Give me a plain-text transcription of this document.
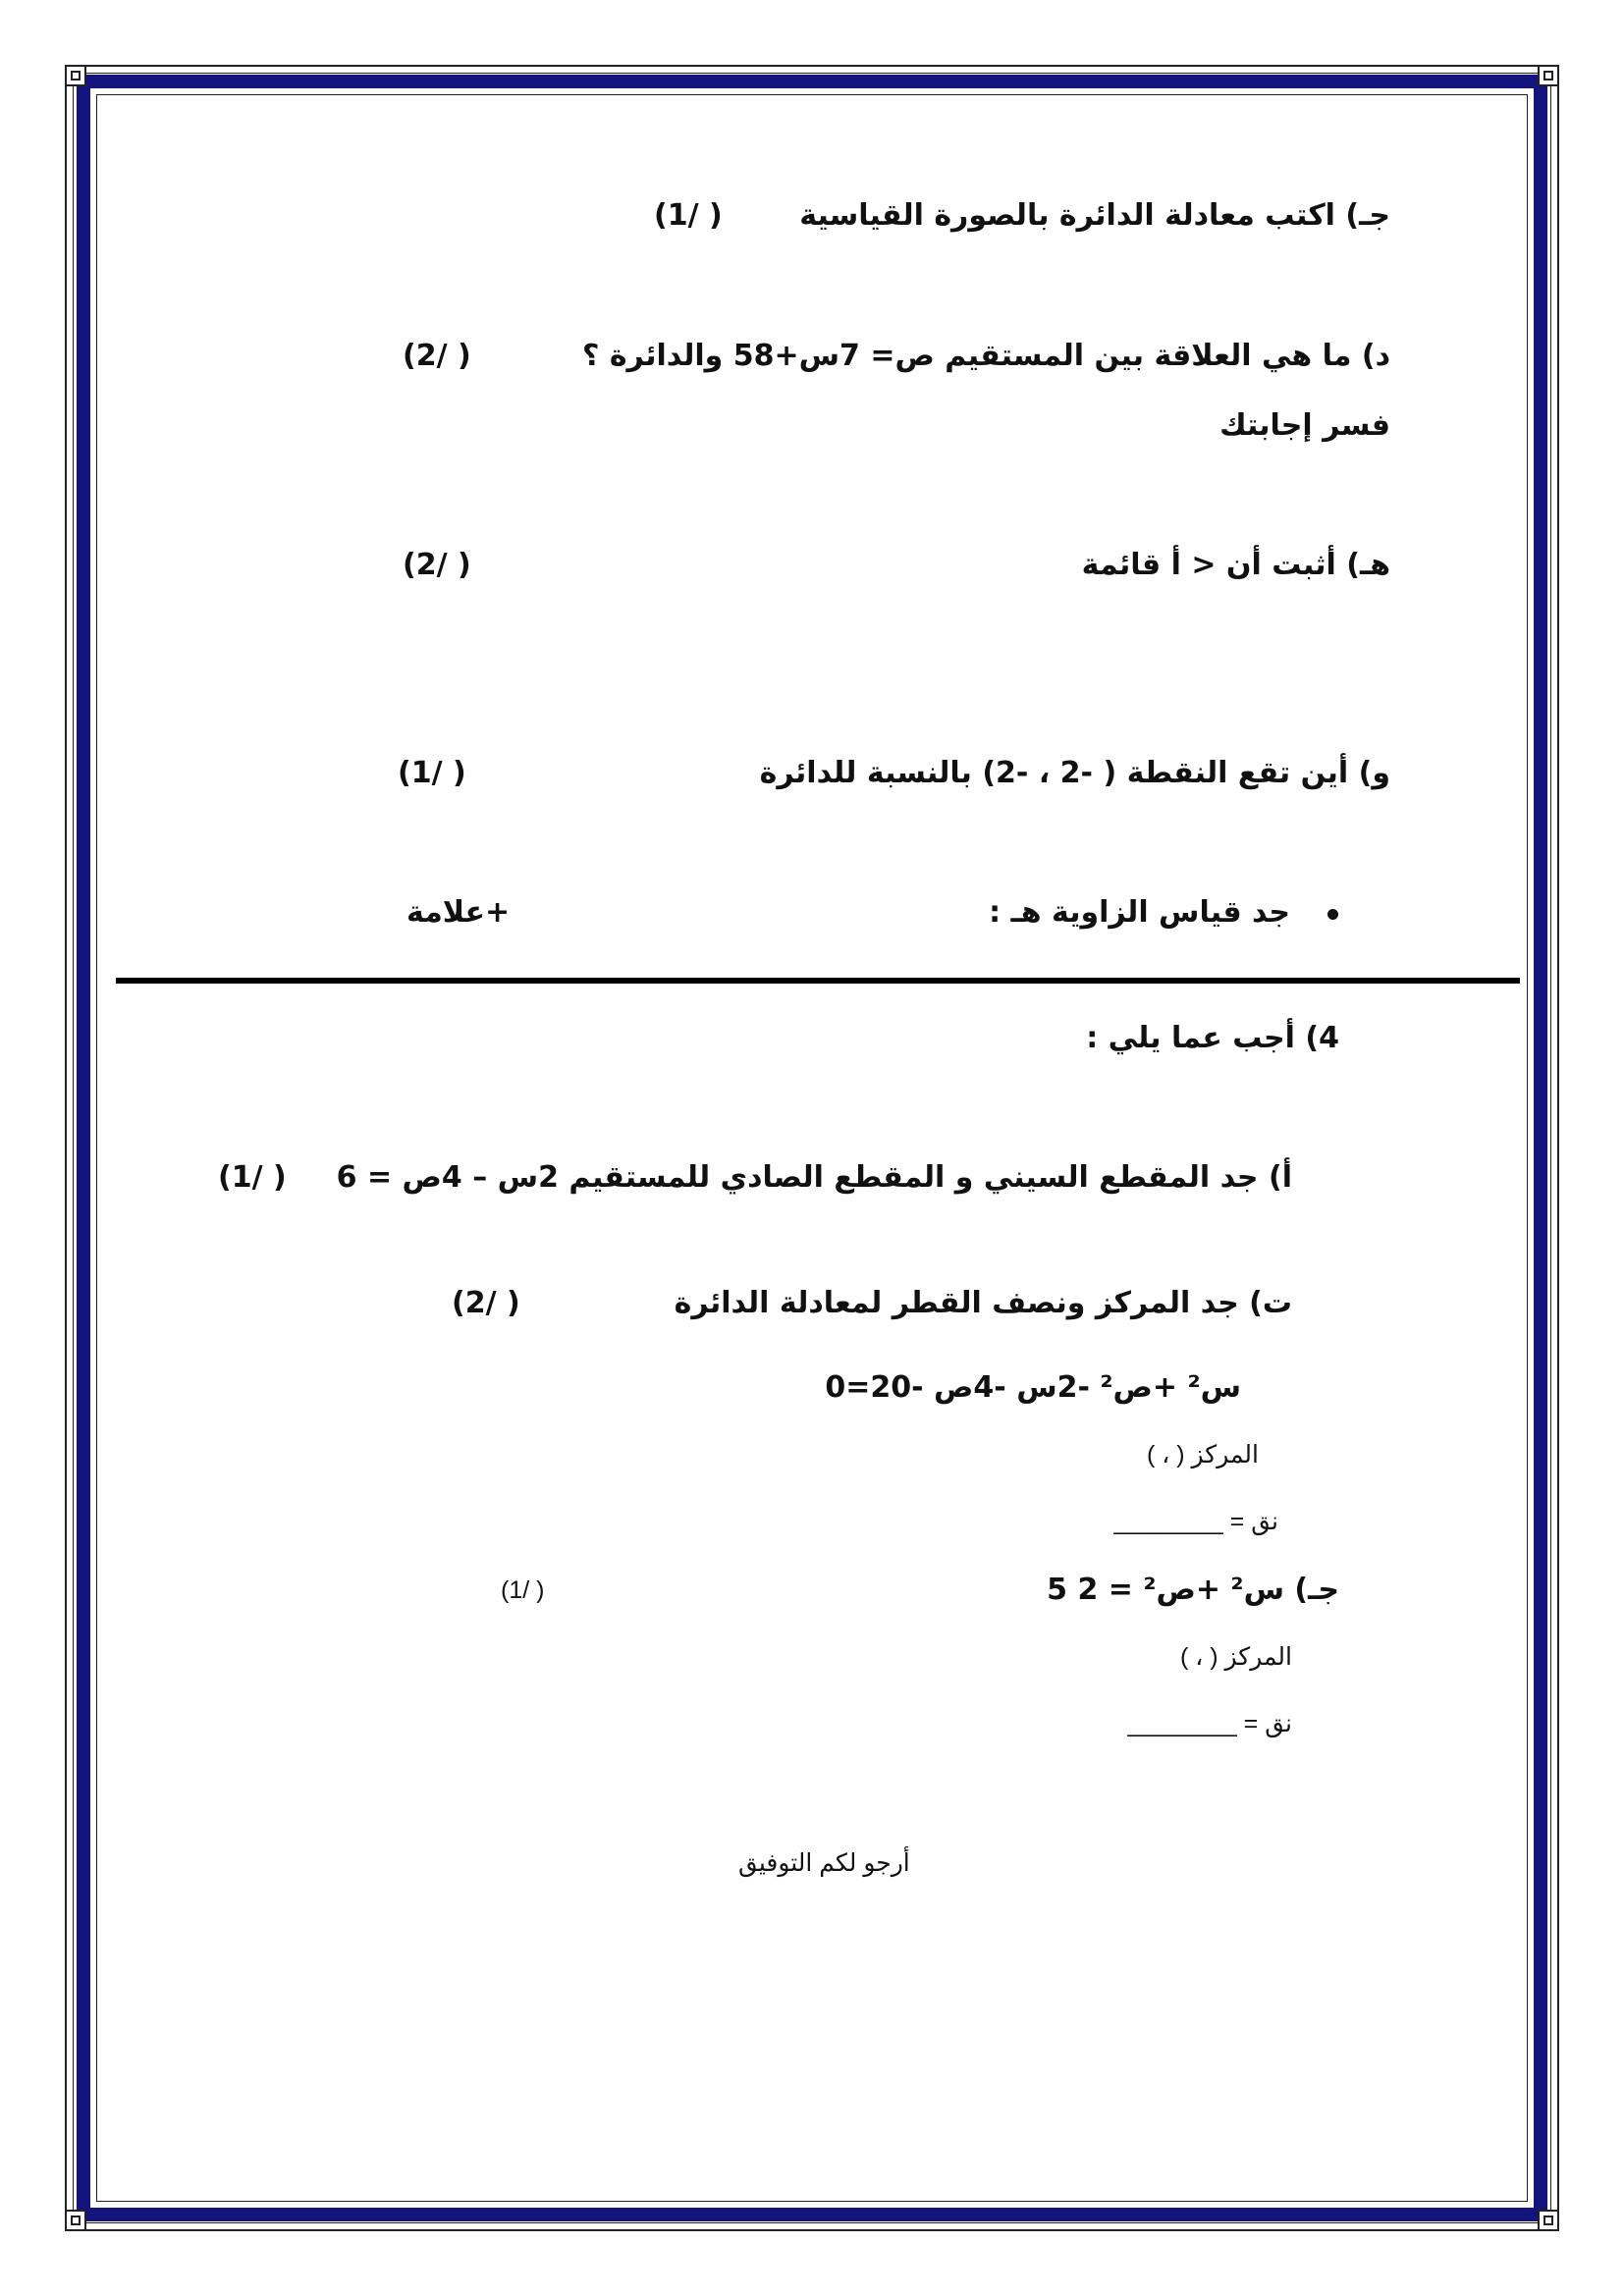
جـ) اكتب معادلة الدائرة بالصورة القياسية
(1/ )
د) ما هي العلاقة بين المستقيم ص= 7س+58 والدائرة ؟
(2/ )
فسر إجابتك
هـ) أثبت أن < أ قائمة
(2/ )
و) أين تقع النقطة ( -2 ، -2) بالنسبة للدائرة
(1/ )
جد قياس الزاوية هـ :
+علامة
4) أجب عما يلي :
أ) جد المقطع السيني و المقطع الصادي للمستقيم 2س – 4ص = 6
(1/ )
ت) جد المركز ونصف القطر لمعادلة الدائرة
(2/ )
س² +ص² -2س -4ص -20=0
المركز ( ، )
نق = ________
جـ) س² +ص² = 2 5
(1/ )
المركز ( ، )
نق = ________
أرجو لكم التوفيق
